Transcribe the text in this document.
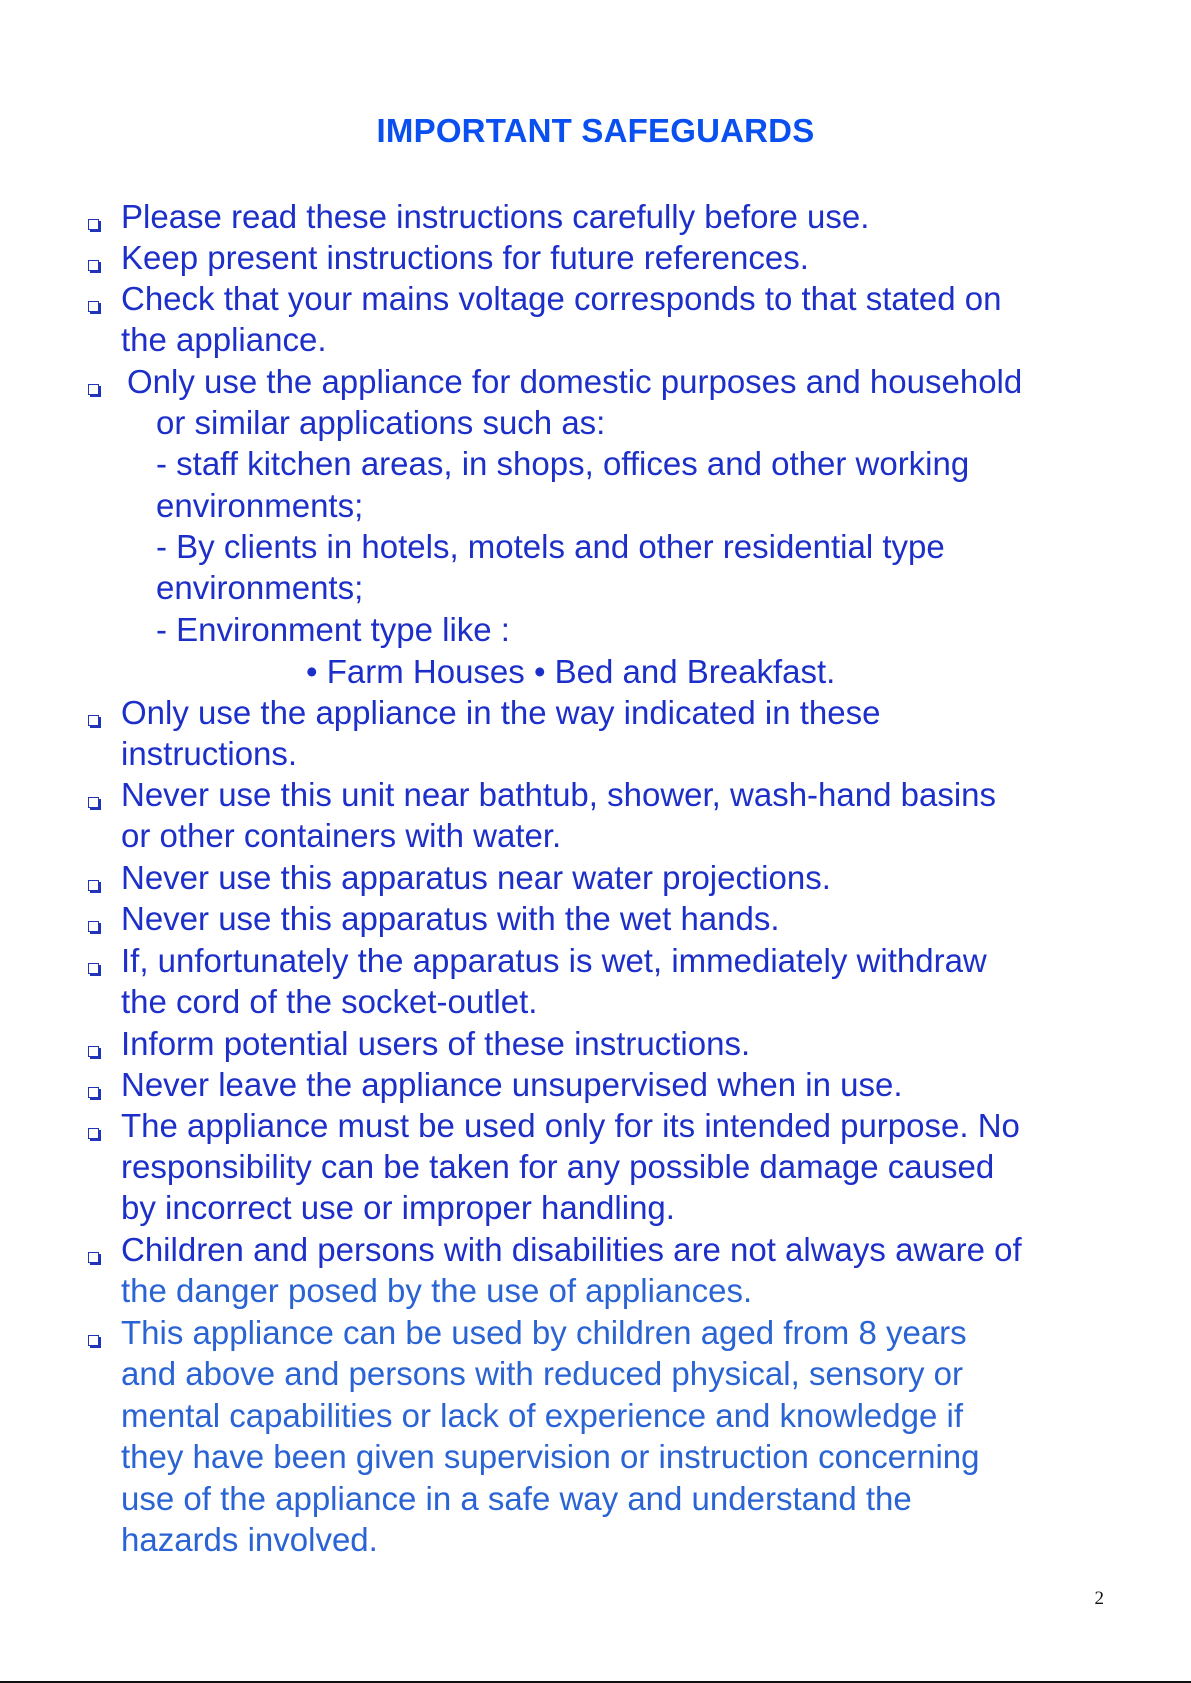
IMPORTANT SAFEGUARDS
Please read these instructions carefully before use.
Keep present instructions for future references.
Check that your mains voltage corresponds to that stated on
the appliance.
Only use the appliance for domestic purposes and household
or similar applications such as:
- staff kitchen areas, in shops, offices and other working
environments;
- By clients in hotels, motels and other residential type
environments;
- Environment type like :
• Farm Houses • Bed and Breakfast.
Only use the appliance in the way indicated in these
instructions.
Never use this unit near bathtub, shower, wash-hand basins
or other containers with water.
Never use this apparatus near water projections.
Never use this apparatus with the wet hands.
If, unfortunately the apparatus is wet, immediately withdraw
the cord of the socket-outlet.
Inform potential users of these instructions.
Never leave the appliance unsupervised when in use.
The appliance must be used only for its intended purpose. No
responsibility can be taken for any possible damage caused
by incorrect use or improper handling.
Children and persons with disabilities are not always aware of
the danger posed by the use of appliances.
This appliance can be used by children aged from 8 years
and above and persons with reduced physical, sensory or
mental capabilities or lack of experience and knowledge if
they have been given supervision or instruction concerning
use of the appliance in a safe way and understand the
hazards involved.
2
